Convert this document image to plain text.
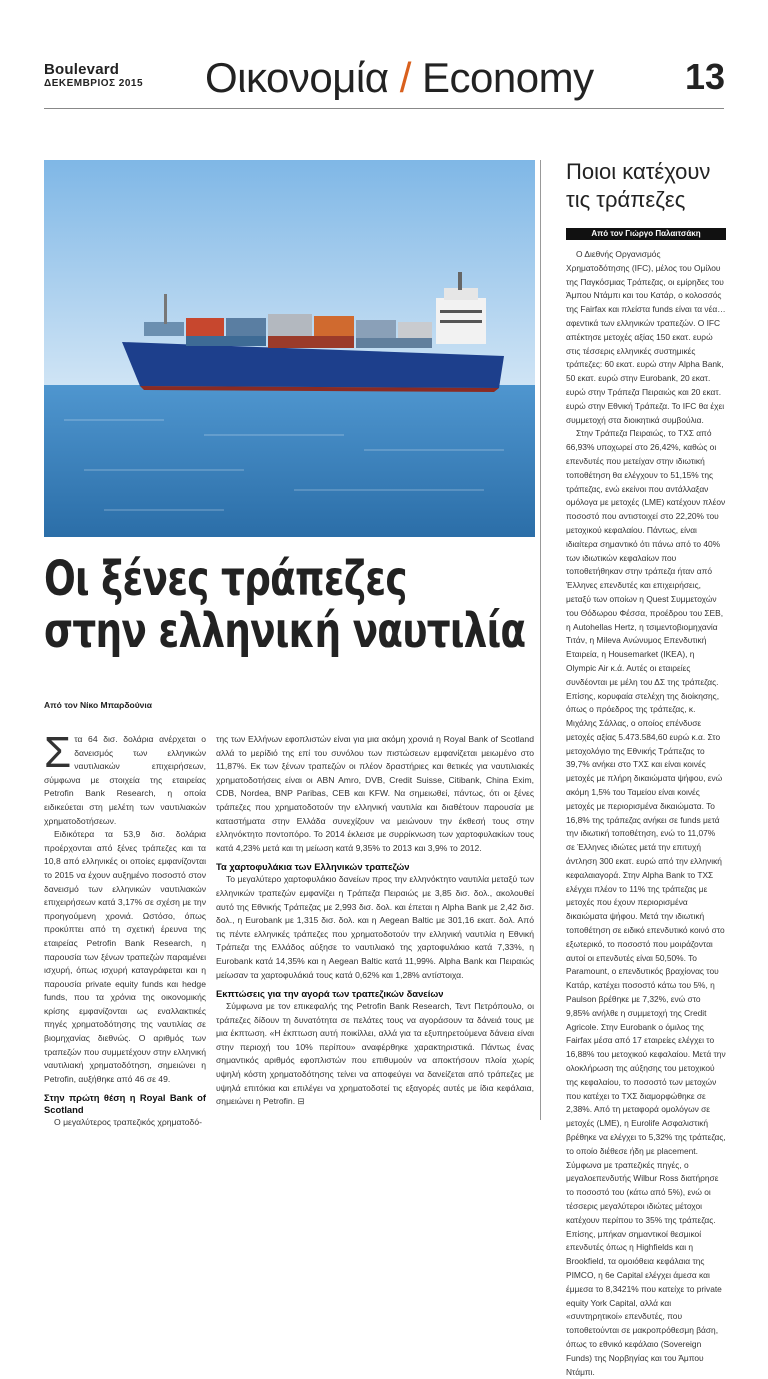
Boulevard
ΔΕΚΕΜΒΡΙΟΣ 2015 Οικονομία / Economy	13
Οι ξένες τράπεζες
στην ελληνική ναυτιλία
Από τον Νίκο Μπαρδούνια
Σ τα 64 δισ. δολάρια ανέρχεται ο δανεισμός των ελληνικών ναυτιλιακών επιχειρήσεων, σύμφωνα με στοιχεία της εταιρείας Petrofin Bank Research, η οποία ειδικεύεται στη μελέτη των ναυτιλιακών χρηματοδοτήσεων.

Ειδικότερα τα 53,9 δισ. δολάρια προέρχονται από ξένες τράπεζες και τα 10,8 από ελληνικές οι οποίες εμφανίζονται το 2015 να έχουν αυξημένο ποσοστό στον δανεισμό των ελληνικών ναυτιλιακών επιχειρήσεων κατά 3,17% σε σχέση με την προηγούμενη χρονιά. Ωστόσο, όπως προκύπτει από τη σχετική έρευνα της εταιρείας Petrofin Bank Research, η παρουσία των ξένων τραπεζών παραμένει ισχυρή, όπως ισχυρή καταγράφεται και η παρουσία private equity funds και hedge funds, που τα χρόνια της οικονομικής κρίσης εμφανίζονται ως εναλλακτικές πηγές χρηματοδότησης της ναυτιλίας σε βιομηχανίας διεθνώς. Ο αριθμός των τραπεζών που συμμετέχουν στην ελληνική ναυτιλιακή χρηματοδότηση, σημειώνει η Petrofin, αυξήθηκε από 46 σε 49.

Στην πρώτη θέση η Royal Bank of Scotland

Ο μεγαλύτερος τραπεζικός χρηματοδό-

της των Ελλήνων εφοπλιστών είναι για μια ακόμη χρονιά η Royal Bank of Scotland αλλά το μερίδιό της επί του συνόλου των πιστώσεων εμφανίζεται μειωμένο στο 11,87%. Εκ των ξένων τραπεζών οι πλέον δραστήριες και θετικές για ναυτιλιακές χρηματοδοτήσεις είναι οι ABN Amro, DVB, Credit Suisse, Citibank, China Exim, CDB, Nordea, BNP Paribas, CEB και KFW. Να σημειωθεί, πάντως, ότι οι ξένες τράπεζες που χρηματοδοτούν την ελληνική ναυτιλία και διαθέτουν παρουσία με καταστήματα στην Ελλάδα συνεχίζουν να μειώνουν την έκθεσή τους στην ελληνόκτητο ποντοπόρο. Το 2014 έκλεισε με συρρίκνωση των χαρτοφυλακίων τους κατά 4,23% μετά και τη μείωση κατά 9,35% το 2013 και 3,9% το 2012.

Τα χαρτοφυλάκια των Ελληνικών τραπεζών

Το μεγαλύτερο χαρτοφυλάκιο δανείων προς την ελληνόκτητο ναυτιλία μεταξύ των ελληνικών τραπεζών εμφανίζει η Τράπεζα Πειραιώς με 3,85 δισ. δολ., ακολουθεί αυτό της Εθνικής Τράπεζας με 2,993 δισ. δολ. και έπεται η Alpha Bank με 2,42 δισ. δολ., η Eurobank με 1,315 δισ. δολ. και η Aegean Baltic με 301,16 εκατ. δολ. Από τις πέντε ελληνικές τράπεζες που χρηματοδοτούν την ελληνική ναυτιλία η Εθνική Τράπεζα της Ελλάδος αύξησε το ναυτιλιακό της χαρτοφυλάκιο κατά 7,33%, η Eurobank κατά 14,35% και η Aegean Baltic κατά 11,99%. Alpha Bank και Πειραιώς μείωσαν τα χαρτοφυλάκιά τους κατά 0,62% και 1,28% αντίστοιχα.

Εκπτώσεις για την αγορά των τραπεζικών δανείων

Σύμφωνα με τον επικεφαλής της Petrofin Bank Research, Τεντ Πετρόπουλο, οι τράπεζες δίδουν τη δυνατότητα σε πελάτες τους να αγοράσουν τα δάνειά τους με μια έκπτωση. «Η έκπτωση αυτή ποικίλλει, αλλά για τα εξυπηρετούμενα δάνεια είναι στην περιοχή του 10% περίπου» αναφέρθηκε χαρακτηριστικά. Πάντως ένας σημαντικός αριθμός εφοπλιστών που επιθυμούν να αποκτήσουν πλοία χωρίς υψηλή κόστη χρηματοδότησης τείνει να αποφεύγει να δανείζεται από τράπεζες με υψηλά επιτόκια και επιλέγει να χρηματοδοτεί τις εξαγορές αυτές με ίδια κεφάλαια, σημειώνει η Petrofin. ⊟

Ποιοι κατέχουν τις τράπεζες
Από τον Γιώργο Παλαιτσάκη

Ο Διεθνής Οργανισμός Χρηματοδότησης (IFC), μέλος του Ομίλου της Παγκόσμιας Τράπεζας, οι εμίρηδες του Άμπου Ντάμπι και του Κατάρ, ο κολοσσός της Fairfax και πλείστα funds είναι τα νέα… αφεντικά των ελληνικών τραπεζών. Ο IFC απέκτησε μετοχές αξίας 150 εκατ. ευρώ στις τέσσερις ελληνικές συστημικές τράπεζες: 60 εκατ. ευρώ στην Alpha Bank, 50 εκατ. ευρώ στην Eurobank, 20 εκατ. ευρώ στην Τράπεζα Πειραιώς και 20 εκατ. ευρώ στην Εθνική Τράπεζα. Το IFC θα έχει συμμετοχή στα διοικητικά συμβούλια.

Στην Τράπεζα Πειραιώς, το ΤΧΣ από 66,93% υποχωρεί στο 26,42%, καθώς οι επενδυτές που μετείχαν στην ιδιωτική τοποθέτηση θα ελέγχουν το 51,15% της τράπεζας, ενώ εκείνοι που αντάλλαξαν ομόλογα με μετοχές (LME) κατέχουν πλέον ποσοστό που αντιστοιχεί στο 22,20% του μετοχικού κεφαλαίου. Πάντως, είναι ιδιαίτερα σημαντικό ότι πάνω από το 40% των ιδιωτικών κεφαλαίων που τοποθετήθηκαν στην τράπεζα ήταν από Έλληνες επενδυτές και επιχειρήσεις, μεταξύ των οποίων η Quest Συμμετοχών του Θόδωρου Φέσσα, προέδρου του ΣΕΒ, η Autohellas Hertz, η τσιμεντοβιομηχανία Τιτάν, η Mileva Ανώνυμος Επενδυτική Εταιρεία, η Housemarket (IKEA), η Olympic Air κ.ά. Αυτές οι εταιρείες συνδέονται με μέλη του ΔΣ της τράπεζας. Επίσης, κορυφαία στελέχη της διοίκησης, όπως ο πρόεδρος της τράπεζας, κ. Μιχάλης Σάλλας, ο οποίος επένδυσε μετοχές αξίας 5.473.584,60 ευρώ κ.α. Στο μετοχολόγιο της Εθνικής Τράπεζας το 39,7% ανήκει στο ΤΧΣ και είναι κοινές μετοχές με πλήρη δικαιώματα ψήφου, ενώ ακόμη 1,5% του Ταμείου είναι κοινές μετοχές με περιορισμένα δικαιώματα. Το 16,8% της τράπεζας ανήκει σε funds μετά την ιδιωτική τοποθέτηση, ενώ το 11,07% σε Έλληνες ιδιώτες μετά την επιτυχή άντληση 300 εκατ. ευρώ από την ελληνική κεφαλαιαγορά. Στην Alpha Bank το ΤΧΣ ελέγχει πλέον το 11% της τράπεζας με μετοχές που έχουν περιορισμένα δικαιώματα ψήφου. Μετά την ιδιωτική τοποθέτηση σε ειδικό επενδυτικό κοινό στο εξωτερικό, το ποσοστό που μοιράζονται αυτοί οι επενδυτές είναι 50,50%. Το Paramount, ο επενδυτικός βραχίονας του Κατάρ, κατέχει ποσοστό κάτω του 5%, η Paulson βρέθηκε με 7,32%, ενώ στο 9,85% ανήλθε η συμμετοχή της Credit Agricole. Στην Eurobank ο όμιλος της Fairfax μέσα από 17 εταιρείες ελέγχει το 16,88% του μετοχικού κεφαλαίου. Μετά την ολοκλήρωση της αύξησης του μετοχικού της κεφαλαίου, το ποσοστό των μετοχών που κατέχει το ΤΧΣ διαμορφώθηκε σε 2,38%. Από τη μεταφορά ομολόγων σε μετοχές (LME), η Eurolife Ασφαλιστική βρέθηκε να ελέγχει το 5,32% της τράπεζας, το οποίο διέθεσε ήδη με placement. Σύμφωνα με τραπεζικές πηγές, ο μεγαλοεπενδυτής Wilbur Ross διατήρησε το ποσοστό του (κάτω από 5%), ενώ οι τέσσερις μεγαλύτεροι ιδιώτες μέτοχοι κατέχουν περίπου το 35% της τράπεζας. Επίσης, μπήκαν σημαντικοί θεσμικοί επενδυτές όπως η Highfields και η Brookfield, τα ομοιόθεια κεφάλαια της PIMCO, η 6e Capital ελέγχει άμεσα και έμμεσα το 8,3421% που κατείχε το private equity York Capital, αλλά και «συντηρητικοί» επενδυτές, που τοποθετούνται σε μακροπρόθεσμη βάση, όπως το εθνικό κεφάλαιο (Sovereign Funds) της Νορβηγίας και του Άμπου Ντάμπι.
